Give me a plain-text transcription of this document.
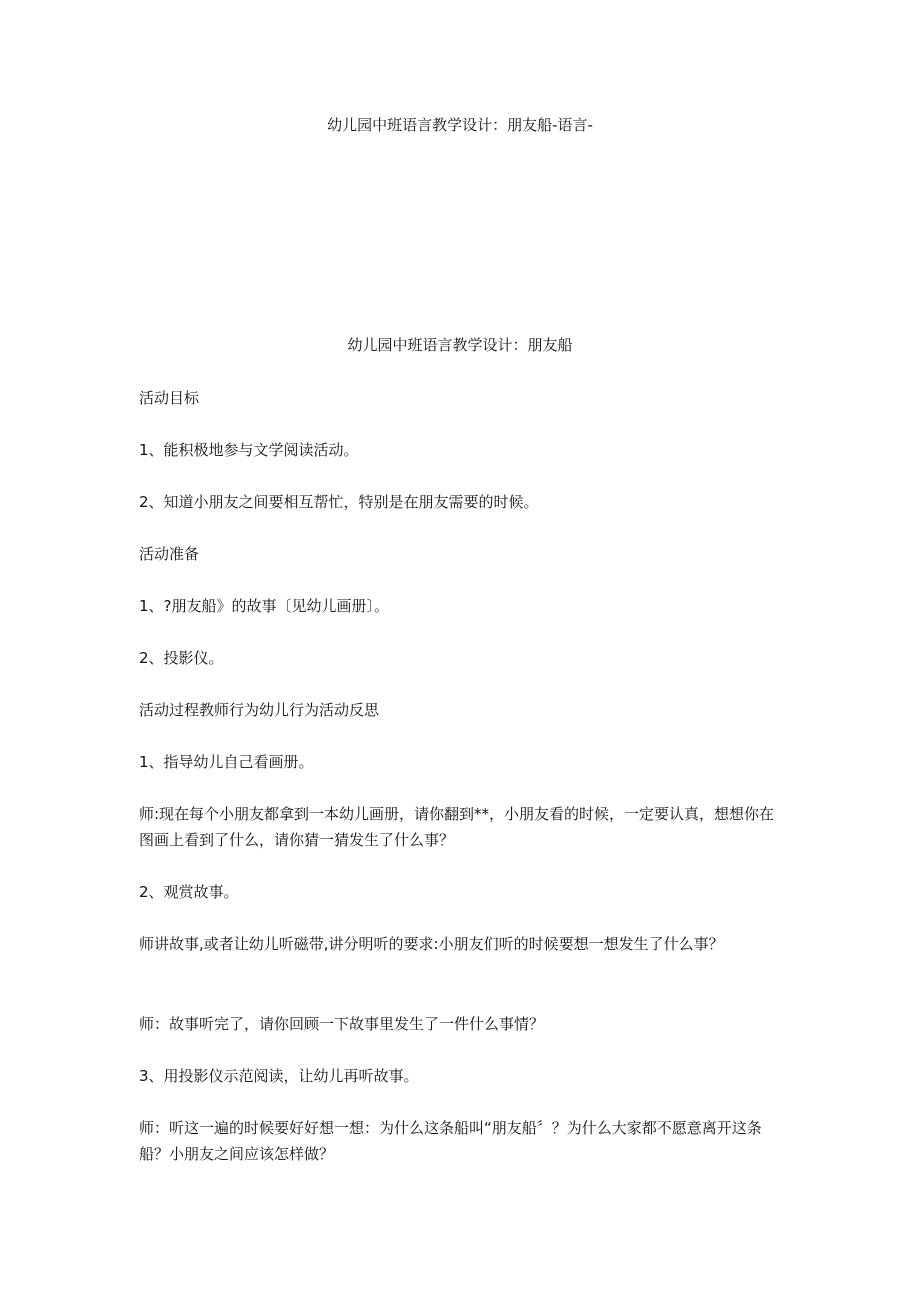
幼儿园中班语言教学设计：朋友船-语言-
幼儿园中班语言教学设计：朋友船
活动目标
1、能积极地参与文学阅读活动。
2、知道小朋友之间要相互帮忙，特别是在朋友需要的时候。
活动准备
1、?朋友船》的故事〔见幼儿画册〕。
2、投影仪。
活动过程教师行为幼儿行为活动反思
1、指导幼儿自己看画册。
师:现在每个小朋友都拿到一本幼儿画册，请你翻到**，小朋友看的时候，一定要认真，想想你在图画上看到了什么，请你猜一猜发生了什么事？
2、观赏故事。
师讲故事,或者让幼儿听磁带,讲分明听的要求:小朋友们听的时候要想一想发生了什么事？
师：故事听完了，请你回顾一下故事里发生了一件什么事情？
3、用投影仪示范阅读，让幼儿再听故事。
师：听这一遍的时候要好好想一想：为什么这条船叫“朋友船〞？为什么大家都不愿意离开这条船？小朋友之间应该怎样做？
